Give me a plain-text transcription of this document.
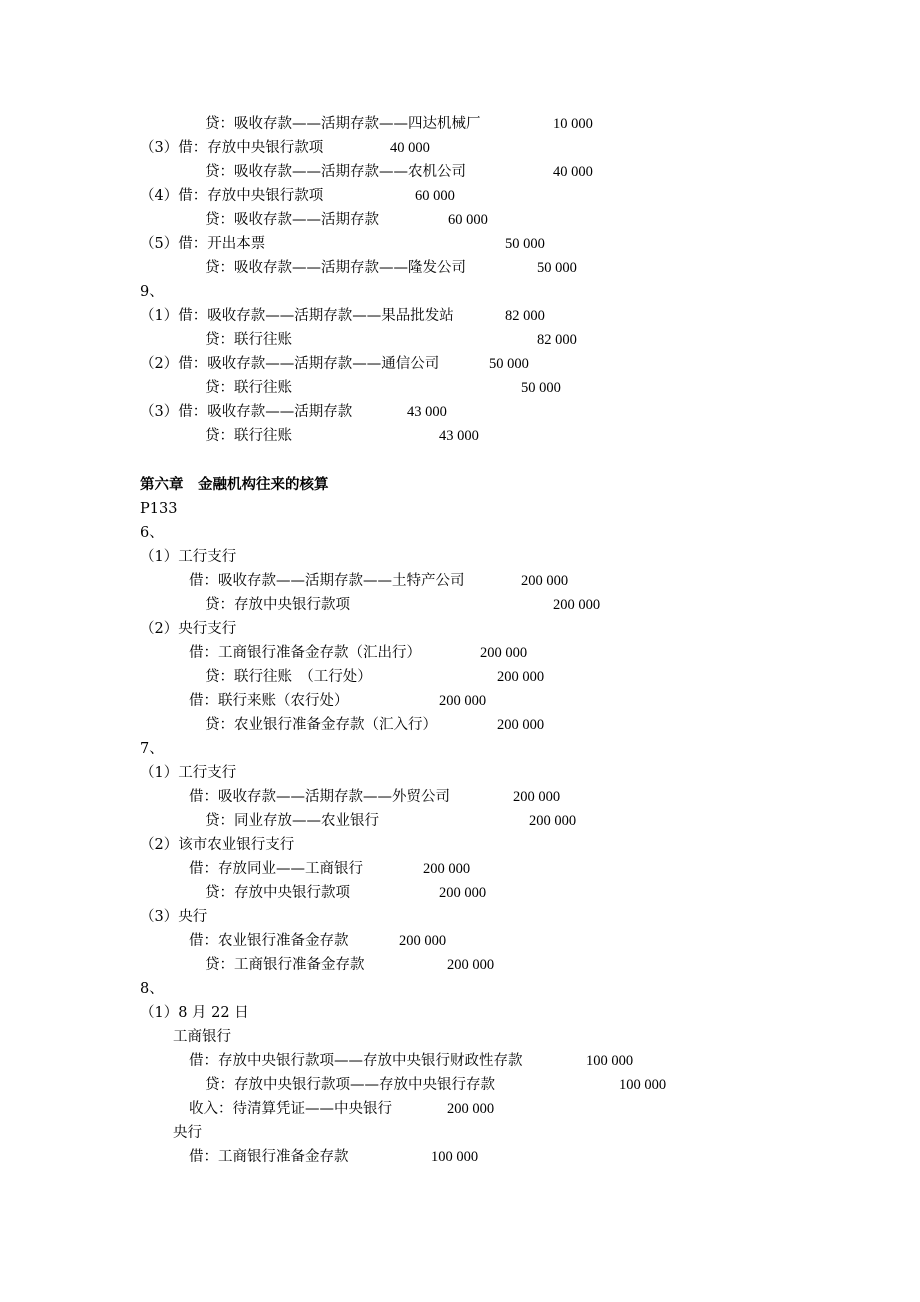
贷：吸收存款——活期存款——四达机械厂	10 000
（3）借：存放中央银行款项	40 000
贷：吸收存款——活期存款——农机公司	40 000
（4）借：存放中央银行款项	60 000
贷：吸收存款——活期存款	60 000
（5）借：开出本票	50 000
贷：吸收存款——活期存款——隆发公司	50 000
9、
（1）借：吸收存款——活期存款——果品批发站	82 000
贷：联行往账	82 000
（2）借：吸收存款——活期存款——通信公司	50 000
贷：联行往账	50 000
（3）借：吸收存款——活期存款	43 000
贷：联行往账	43 000
第六章　金融机构往来的核算
P133
6、
（1）工行支行
借：吸收存款——活期存款——土特产公司	200 000
贷：存放中央银行款项	200 000
（2）央行支行
借：工商银行准备金存款（汇出行）	200 000
贷：联行往账　（工行处）	200 000
借：联行来账（农行处）	200 000
贷：农业银行准备金存款（汇入行）	200 000
7、
（1）工行支行
借：吸收存款——活期存款——外贸公司	200 000
贷：同业存放——农业银行	200 000
（2）该市农业银行支行
借：存放同业——工商银行	200 000
贷：存放中央银行款项	200 000
（3）央行
借：农业银行准备金存款	200 000
贷：工商银行准备金存款	200 000
8、
（1）8 月 22 日
工商银行
借：存放中央银行款项——存放中央银行财政性存款	100 000
贷：存放中央银行款项——存放中央银行存款	100 000
收入：待清算凭证——中央银行	200 000
央行
借：工商银行准备金存款	100 000
